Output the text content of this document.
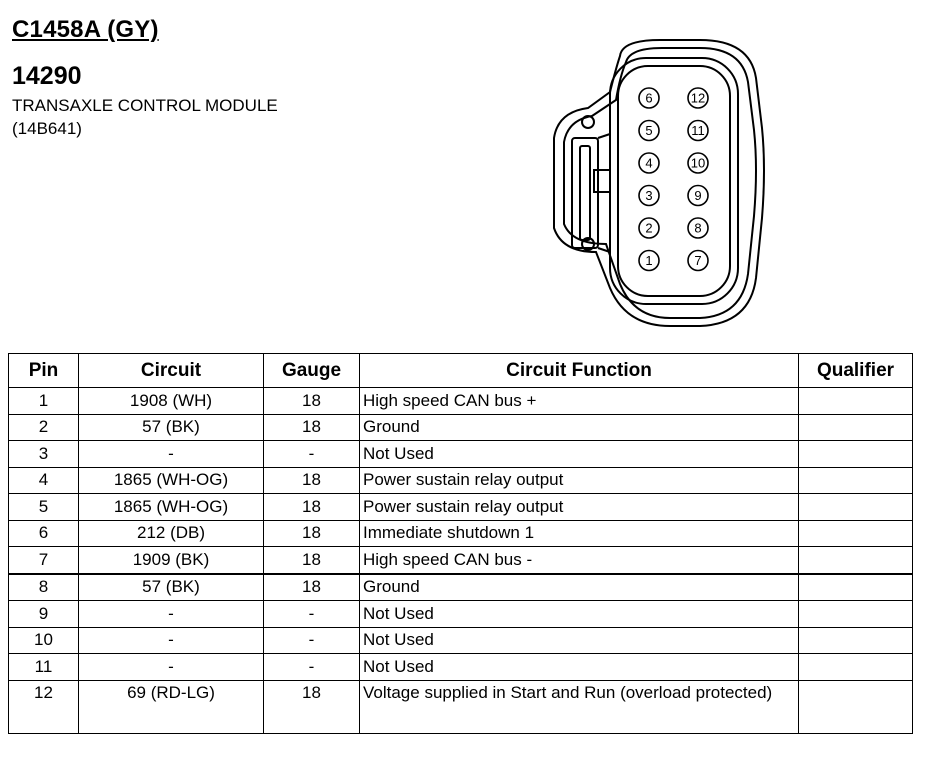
C1458A (GY)
14290
TRANSAXLE CONTROL MODULE
(14B641)
6
5
4
3
2
1
12
11
10
9
8
7
Pin	Circuit	Gauge	Circuit Function	Qualifier
1	1908 (WH)	18	High speed CAN bus +	
2	57 (BK)	18	Ground	
3	-	-	Not Used	
4	1865 (WH-OG)	18	Power sustain relay output	
5	1865 (WH-OG)	18	Power sustain relay output	
6	212 (DB)	18	Immediate shutdown 1	
7	1909 (BK)	18	High speed CAN bus -	
8	57 (BK)	18	Ground	
9	-	-	Not Used	
10	-	-	Not Used	
11	-	-	Not Used	
12	69 (RD-LG)	18	Voltage supplied in Start and Run (overload protected)	
